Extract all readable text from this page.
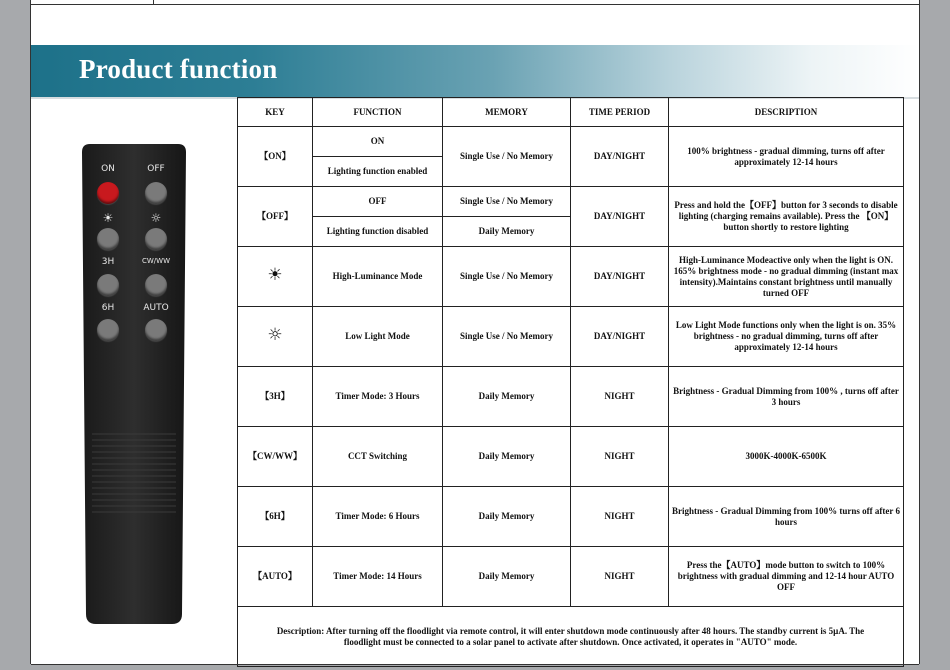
Product function
ON	OFF
☀	☼
3H	CW/WW
6H	AUTO
KEY	FUNCTION	MEMORY	TIME PERIOD	DESCRIPTION
【ON】	ON	Single Use / No Memory	DAY/NIGHT	100% brightness - gradual dimming, turns off after approximately 12-14 hours
	Lighting function enabled			
【OFF】	OFF	Single Use / No Memory	DAY/NIGHT	Press and hold the【OFF】button for 3 seconds to disable lighting (charging remains available). Press the 【ON】button shortly to restore lighting
	Lighting function disabled	Daily Memory		
☀	High-Luminance Mode	Single Use / No Memory	DAY/NIGHT	High-Luminance Modeactive only when the light is ON. 165% brightness mode - no gradual dimming (instant max intensity).Maintains constant brightness until manually turned OFF
☼	Low Light Mode	Single Use / No Memory	DAY/NIGHT	Low Light Mode functions only when the light is on. 35% brightness - no gradual dimming, turns off after approximately 12-14 hours
【3H】	Timer Mode: 3 Hours	Daily Memory	NIGHT	Brightness - Gradual Dimming from 100% , turns off after 3 hours
【CW/WW】	CCT Switching	Daily Memory	NIGHT	3000K-4000K-6500K
【6H】	Timer Mode: 6 Hours	Daily Memory	NIGHT	Brightness - Gradual Dimming from 100% turns off after 6 hours
【AUTO】	Timer Mode: 14 Hours	Daily Memory	NIGHT	Press the【AUTO】mode button to switch to 100% brightness with gradual dimming and 12-14 hour AUTO OFF
Description: After turning off the floodlight via remote control, it will enter shutdown mode continuously after 48 hours. The standby current is 5µA. The floodlight must be connected to a solar panel to activate after shutdown. Once activated, it operates in "AUTO" mode.				
